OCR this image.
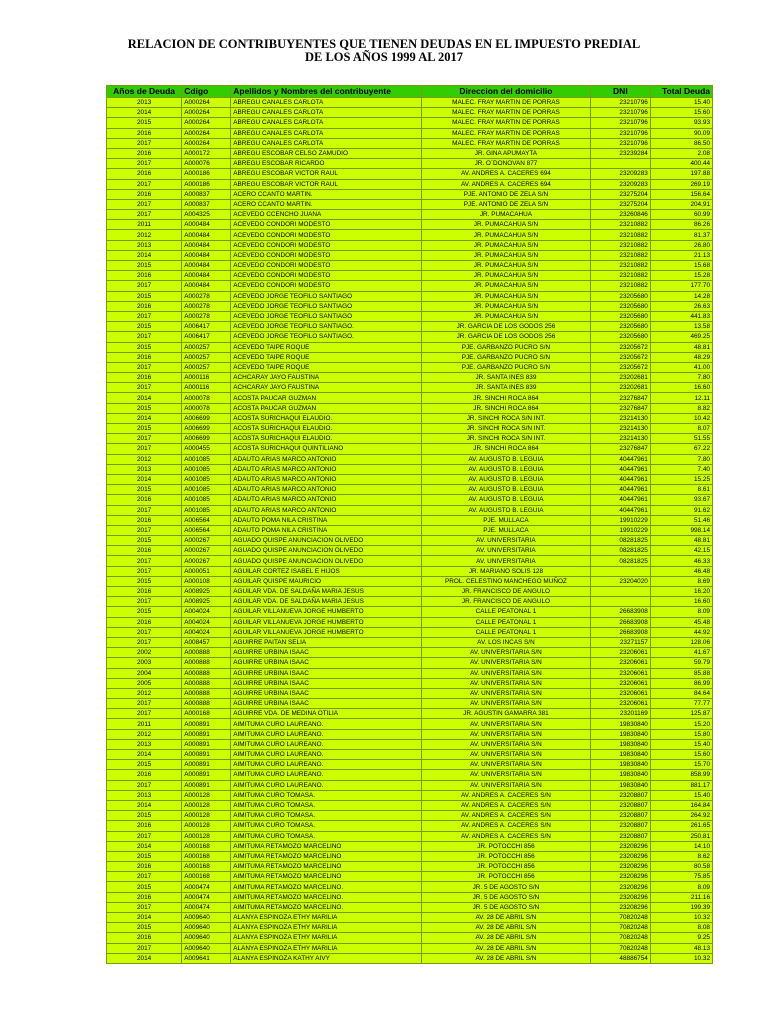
RELACION DE CONTRIBUYENTES QUE TIENEN DEUDAS EN EL IMPUESTO PREDIAL
DE LOS AÑOS 1999 AL 2017
Años de Deuda	Cdigo	Apellidos y Nombres del contribuyente	Direccion del domicilio	DNI	Total Deuda
2013	A000264	ABREGU CANALES CARLOTA	MALEC. FRAY MARTIN DE PORRAS	23210796	15.40
2014	A000264	ABREGU CANALES CARLOTA	MALEC. FRAY MARTIN DE PORRAS	23210796	15.60
2015	A000264	ABREGU CANALES CARLOTA	MALEC. FRAY MARTIN DE PORRAS	23210796	93.93
2016	A000264	ABREGU CANALES CARLOTA	MALEC. FRAY MARTIN DE PORRAS	23210796	90.09
2017	A000264	ABREGU CANALES CARLOTA	MALEC. FRAY MARTIN DE PORRAS	23210796	86.50
2016	A000172	ABREGU ESCOBAR CELSO ZAMUDIO	JR. GINA APUMAYTA	23239284	2.08
2017	A000076	ABREGU ESCOBAR RICARDO	JR. O`DONOVAN 877		400.44
2016	A000186	ABREGU ESCOBAR VICTOR RAUL	AV. ANDRES A. CACERES 694	23209283	197.88
2017	A000186	ABREGU ESCOBAR VICTOR RAUL	AV. ANDRES A. CACERES 694	23209283	269.19
2016	A000837	ACERO CCANTO MARTIN.	PJE. ANTONIO DE ZELA S/N	23275204	156.64
2017	A000837	ACERO CCANTO MARTIN.	PJE. ANTONIO DE ZELA S/N	23275204	204.91
2017	A004325	ACEVEDO CCENCHO JUANA	JR. PUMACAHUA	23260846	60.99
2011	A000484	ACEVEDO CONDORI MODESTO	JR. PUMACAHUA S/N	23210882	86.26
2012	A000484	ACEVEDO CONDORI MODESTO	JR. PUMACAHUA S/N	23210882	81.37
2013	A000484	ACEVEDO CONDORI MODESTO	JR. PUMACAHUA S/N	23210882	26.80
2014	A000484	ACEVEDO CONDORI MODESTO	JR. PUMACAHUA S/N	23210882	21.13
2015	A000484	ACEVEDO CONDORI MODESTO	JR. PUMACAHUA S/N	23210882	15.68
2016	A000484	ACEVEDO CONDORI MODESTO	JR. PUMACAHUA S/N	23210882	15.28
2017	A000484	ACEVEDO CONDORI MODESTO	JR. PUMACAHUA S/N	23210882	177.70
2015	A000278	ACEVEDO JORGE TEOFILO SANTIAGO	JR. PUMACAHUA S/N	23205680	14.28
2016	A000278	ACEVEDO JORGE TEOFILO SANTIAGO	JR. PUMACAHUA S/N	23205680	26.63
2017	A000278	ACEVEDO JORGE TEOFILO SANTIAGO	JR. PUMACAHUA S/N	23205680	441.83
2015	A006417	ACEVEDO JORGE TEOFILO SANTIAGO.	JR. GARCIA DE LOS GODOS 256	23205680	13.58
2017	A006417	ACEVEDO JORGE TEOFILO SANTIAGO.	JR. GARCIA DE LOS GODOS 256	23205680	469.25
2015	A000257	ACEVEDO TAIPE ROQUE	PJE. GARBANZO PUCRO S/N	23205672	48.81
2016	A000257	ACEVEDO TAIPE ROQUE	PJE. GARBANZO PUCRO S/N	23205672	48.29
2017	A000257	ACEVEDO TAIPE ROQUE	PJE. GARBANZO PUCRO S/N	23205672	41.00
2016	A000116	ACHCARAY JAYO FAUSTINA	JR. SANTA INES 839	23202681	7.80
2017	A000116	ACHCARAY JAYO FAUSTINA	JR. SANTA INES 839	23202681	16.60
2014	A000078	ACOSTA PAUCAR GUZMAN	JR. SINCHI ROCA 864	23276847	12.11
2015	A000078	ACOSTA PAUCAR GUZMAN	JR. SINCHI ROCA 864	23276847	8.82
2014	A006699	ACOSTA SURICHAQUI ELAUDIO.	JR. SINCHI ROCA S/N INT.	23214130	10.42
2015	A006699	ACOSTA SURICHAQUI ELAUDIO.	JR. SINCHI ROCA S/N INT.	23214130	8.07
2017	A006699	ACOSTA SURICHAQUI ELAUDIO.	JR. SINCHI ROCA S/N INT.	23214130	51.55
2017	A000455	ACOSTA SURICHAQUI QUINTILIANO	JR. SINCHI ROCA 864	23276847	67.22
2012	A001085	ADAUTO ARIAS MARCO ANTONIO	AV. AUGUSTO B. LEGUIA	40447961	7.80
2013	A001085	ADAUTO ARIAS MARCO ANTONIO	AV. AUGUSTO B. LEGUIA	40447961	7.40
2014	A001085	ADAUTO ARIAS MARCO ANTONIO	AV. AUGUSTO B. LEGUIA	40447961	15.25
2015	A001085	ADAUTO ARIAS MARCO ANTONIO	AV. AUGUSTO B. LEGUIA	40447961	8.61
2016	A001085	ADAUTO ARIAS MARCO ANTONIO	AV. AUGUSTO B. LEGUIA	40447961	93.67
2017	A001085	ADAUTO ARIAS MARCO ANTONIO	AV. AUGUSTO B. LEGUIA	40447961	91.62
2016	A006564	ADAUTO POMA NILA CRISTINA	PJE. MULLACA	19910229	51.46
2017	A006564	ADAUTO POMA NILA CRISTINA	PJE. MULLACA	19910229	998.14
2015	A000267	AGUADO QUISPE ANUNCIACION OLIVEDO	AV. UNIVERSITARIA	08281825	48.81
2016	A000267	AGUADO QUISPE ANUNCIACION OLIVEDO	AV. UNIVERSITARIA	08281825	42.15
2017	A000267	AGUADO QUISPE ANUNCIACION OLIVEDO	AV. UNIVERSITARIA	08281825	46.33
2017	A000051	AGUILAR CORTEZ ISABEL E HIJOS	JR. MARIANO SOLIS 128		46.48
2015	A000108	AGUILAR QUISPE MAURICIO	PROL. CELESTINO MANCHEGO MUÑOZ	23204020	8.69
2016	A008925	AGUILAR VDA. DE SALDAÑA MARIA JESUS	JR. FRANCISCO DE ANGULO		16.20
2017	A008925	AGUILAR VDA. DE SALDAÑA MARIA JESUS	JR. FRANCISCO DE ANGULO		16.60
2015	A004024	AGUILAR VILLANUEVA JORGE HUMBERTO	CALLE PEATONAL 1	26683908	8.09
2016	A004024	AGUILAR VILLANUEVA JORGE HUMBERTO	CALLE PEATONAL 1	26683908	45.48
2017	A004024	AGUILAR VILLANUEVA JORGE HUMBERTO	CALLE PEATONAL 1	26683908	44.92
2017	A008457	AGUIRRE PAITAN SELIA	AV. LOS INCAS S/N	23271157	128.06
2002	A000888	AGUIRRE URBINA ISAAC	AV. UNIVERSITARIA S/N	23206061	41.67
2003	A000888	AGUIRRE URBINA ISAAC	AV. UNIVERSITARIA S/N	23206061	59.79
2004	A000888	AGUIRRE URBINA ISAAC	AV. UNIVERSITARIA S/N	23206061	85.88
2005	A000888	AGUIRRE URBINA ISAAC	AV. UNIVERSITARIA S/N	23206061	86.99
2012	A000888	AGUIRRE URBINA ISAAC	AV. UNIVERSITARIA S/N	23206061	84.64
2017	A000888	AGUIRRE URBINA ISAAC	AV. UNIVERSITARIA S/N	23206061	77.77
2017	A000168	AGUIRRE VDA. DE MEDINA OTILIA	JR. AGUSTIN GAMARRA 381	23201169	125.87
2011	A000891	AIMITUMA CURO LAUREANO.	AV. UNIVERSITARIA S/N	19830840	15.20
2012	A000891	AIMITUMA CURO LAUREANO.	AV. UNIVERSITARIA S/N	19830840	15.80
2013	A000891	AIMITUMA CURO LAUREANO.	AV. UNIVERSITARIA S/N	19830840	15.40
2014	A000891	AIMITUMA CURO LAUREANO.	AV. UNIVERSITARIA S/N	19830840	15.60
2015	A000891	AIMITUMA CURO LAUREANO.	AV. UNIVERSITARIA S/N	19830840	15.70
2016	A000891	AIMITUMA CURO LAUREANO.	AV. UNIVERSITARIA S/N	19830840	858.99
2017	A000891	AIMITUMA CURO LAUREANO.	AV. UNIVERSITARIA S/N	19830840	881.17
2013	A000128	AIMITUMA CURO TOMASA.	AV. ANDRES A. CACERES S/N	23208807	15.40
2014	A000128	AIMITUMA CURO TOMASA.	AV. ANDRES A. CACERES S/N	23208807	164.84
2015	A000128	AIMITUMA CURO TOMASA.	AV. ANDRES A. CACERES S/N	23208807	264.92
2016	A000128	AIMITUMA CURO TOMASA.	AV. ANDRES A. CACERES S/N	23208807	261.65
2017	A000128	AIMITUMA CURO TOMASA.	AV. ANDRES A. CACERES S/N	23208807	250.81
2014	A000168	AIMITUMA RETAMOZO MARCELINO	JR. POTOCCHI 856	23208296	14.10
2015	A000168	AIMITUMA RETAMOZO MARCELINO	JR. POTOCCHI 856	23208296	8.62
2016	A000168	AIMITUMA RETAMOZO MARCELINO	JR. POTOCCHI 856	23208296	80.58
2017	A000168	AIMITUMA RETAMOZO MARCELINO	JR. POTOCCHI 856	23208296	75.85
2015	A000474	AIMITUMA RETAMOZO MARCELINO.	JR. 5 DE AGOSTO S/N	23208296	8.09
2016	A000474	AIMITUMA RETAMOZO MARCELINO.	JR. 5 DE AGOSTO S/N	23208296	211.16
2017	A000474	AIMITUMA RETAMOZO MARCELINO.	JR. 5 DE AGOSTO S/N	23208296	199.39
2014	A009640	ALANYA ESPINOZA ETHY MARILIA	AV. 28 DE ABRIL S/N	70820248	10.32
2015	A009640	ALANYA ESPINOZA ETHY MARILIA	AV. 28 DE ABRIL S/N	70820248	8.08
2016	A009640	ALANYA ESPINOZA ETHY MARILIA	AV. 28 DE ABRIL S/N	70820248	9.25
2017	A009640	ALANYA ESPINOZA ETHY MARILIA	AV. 28 DE ABRIL S/N	70820248	48.13
2014	A009641	ALANYA ESPINOZA KATHY AIVY	AV. 28 DE ABRIL S/N	48886754	10.32
